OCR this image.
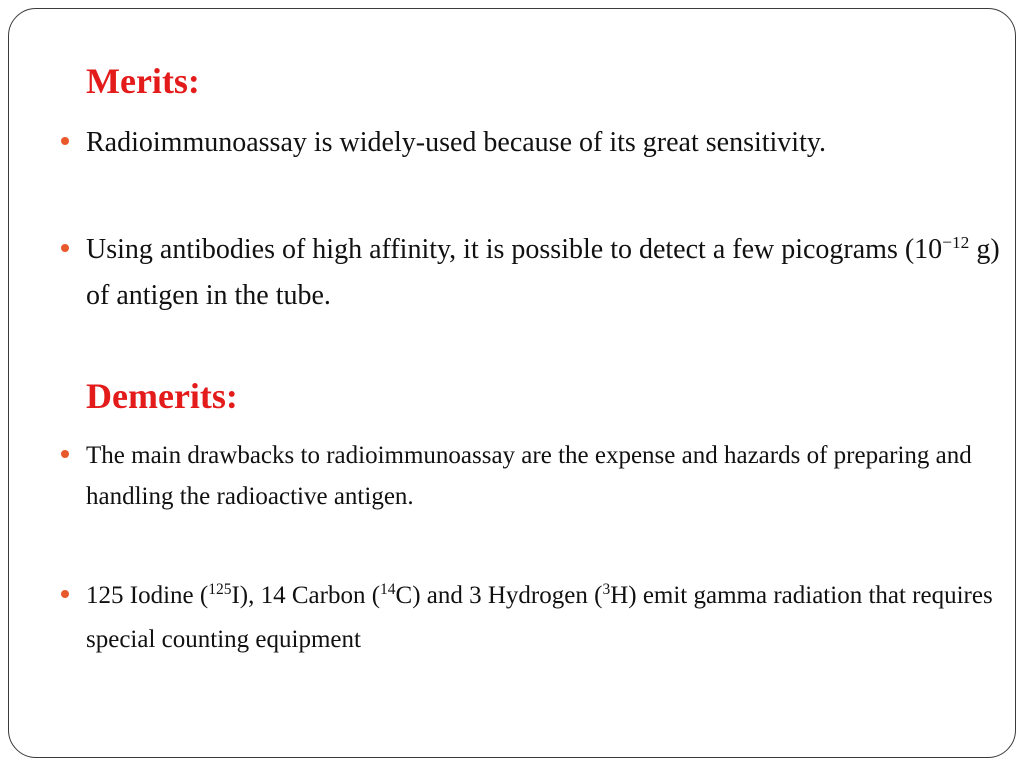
Merits:
Radioimmunoassay is widely-used because of its great sensitivity.
Using antibodies of high affinity, it is possible to detect a few picograms ($10^{-12}$ g) of antigen in the tube.
Demerits:
The main drawbacks to radioimmunoassay are the expense and hazards of preparing and handling the radioactive antigen.
125 Iodine ($^{125}$I), 14 Carbon ($^{14}$C) and 3 Hydrogen ($^3$H) emit gamma radiation that requires special counting equipment
